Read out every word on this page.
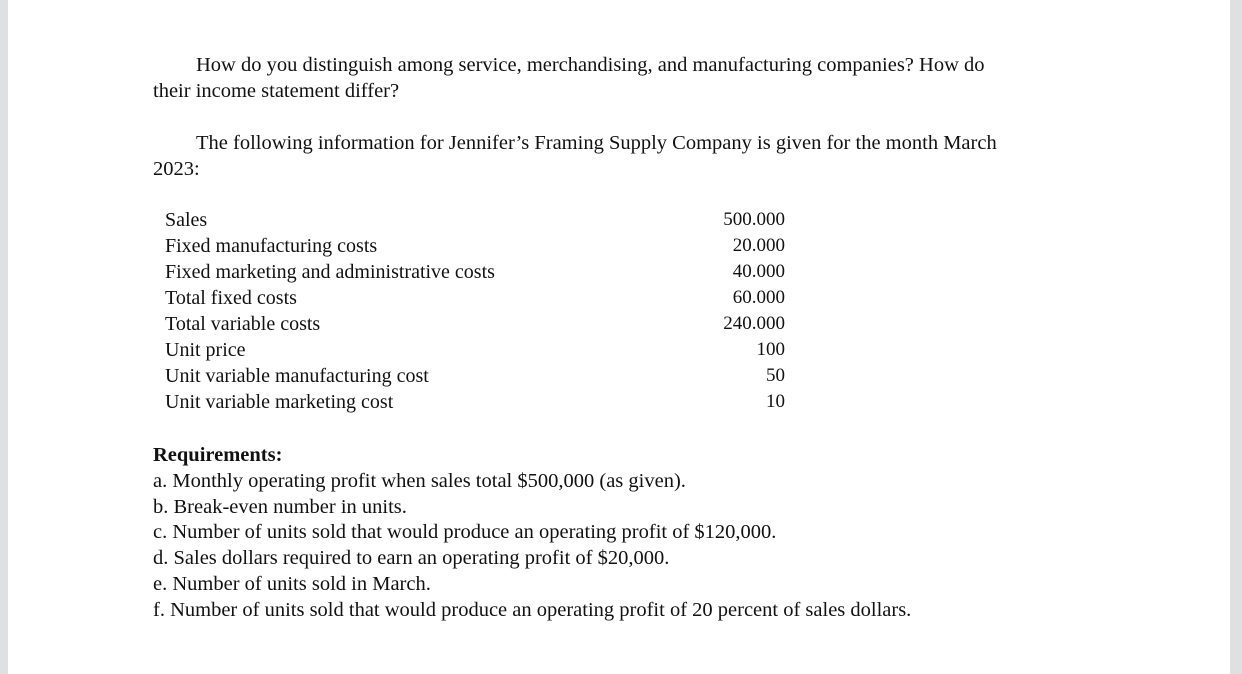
How do you distinguish among service, merchandising, and manufacturing companies? How do
their income statement differ?
The following information for Jennifer’s Framing Supply Company is given for the month March
2023:
Sales	500.000
Fixed manufacturing costs	20.000
Fixed marketing and administrative costs	40.000
Total fixed costs	60.000
Total variable costs	240.000
Unit price	100
Unit variable manufacturing cost	50
Unit variable marketing cost	10
Requirements:
a. Monthly operating profit when sales total $500,000 (as given).
b. Break-even number in units.
c. Number of units sold that would produce an operating profit of $120,000.
d. Sales dollars required to earn an operating profit of $20,000.
e. Number of units sold in March.
f. Number of units sold that would produce an operating profit of 20 percent of sales dollars.
